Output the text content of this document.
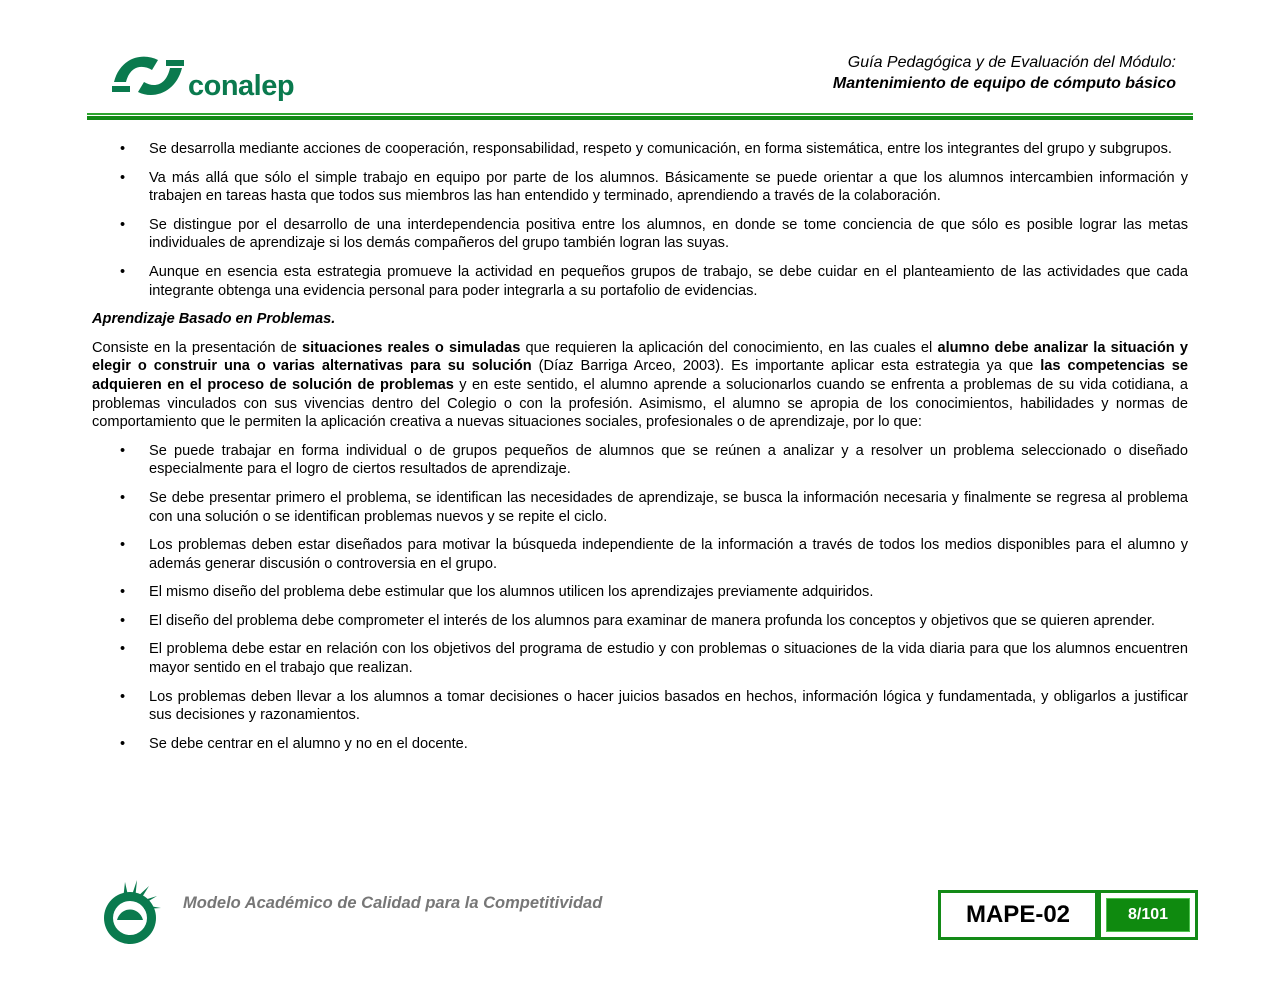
conalep
Guía Pedagógica y de Evaluación del Módulo:
Mantenimiento de equipo de cómputo básico
• Se desarrolla mediante acciones de cooperación, responsabilidad, respeto y comunicación, en forma sistemática, entre los integrantes del grupo y subgrupos.
• Va más allá que sólo el simple trabajo en equipo por parte de los alumnos. Básicamente se puede orientar a que los alumnos intercambien información y trabajen en tareas hasta que todos sus miembros las han entendido y terminado, aprendiendo a través de la colaboración.
• Se distingue por el desarrollo de una interdependencia positiva entre los alumnos, en donde se tome conciencia de que sólo es posible lograr las metas individuales de aprendizaje si los demás compañeros del grupo también logran las suyas.
• Aunque en esencia esta estrategia promueve la actividad en pequeños grupos de trabajo, se debe cuidar en el planteamiento de las actividades que cada integrante obtenga una evidencia personal para poder integrarla a su portafolio de evidencias.
Aprendizaje Basado en Problemas.

Consiste en la presentación de situaciones reales o simuladas que requieren la aplicación del conocimiento, en las cuales el alumno debe analizar la situación y elegir o construir una o varias alternativas para su solución (Díaz Barriga Arceo, 2003). Es importante aplicar esta estrategia ya que las competencias se adquieren en el proceso de solución de problemas y en este sentido, el alumno aprende a solucionarlos cuando se enfrenta a problemas de su vida cotidiana, a problemas vinculados con sus vivencias dentro del Colegio o con la profesión. Asimismo, el alumno se apropia de los conocimientos, habilidades y normas de comportamiento que le permiten la aplicación creativa a nuevas situaciones sociales, profesionales o de aprendizaje, por lo que:

• Se puede trabajar en forma individual o de grupos pequeños de alumnos que se reúnen a analizar y a resolver un problema seleccionado o diseñado especialmente para el logro de ciertos resultados de aprendizaje.
• Se debe presentar primero el problema, se identifican las necesidades de aprendizaje, se busca la información necesaria y finalmente se regresa al problema con una solución o se identifican problemas nuevos y se repite el ciclo.
• Los problemas deben estar diseñados para motivar la búsqueda independiente de la información a través de todos los medios disponibles para el alumno y además generar discusión o controversia en el grupo.
• El mismo diseño del problema debe estimular que los alumnos utilicen los aprendizajes previamente adquiridos.
• El diseño del problema debe comprometer el interés de los alumnos para examinar de manera profunda los conceptos y objetivos que se quieren aprender.
• El problema debe estar en relación con los objetivos del programa de estudio y con problemas o situaciones de la vida diaria para que los alumnos encuentren mayor sentido en el trabajo que realizan.
• Los problemas deben llevar a los alumnos a tomar decisiones o hacer juicios basados en hechos, información lógica y fundamentada, y obligarlos a justificar sus decisiones y razonamientos.
• Se debe centrar en el alumno y no en el docente.
Modelo Académico de Calidad para la Competitividad	MAPE-02	8/101
